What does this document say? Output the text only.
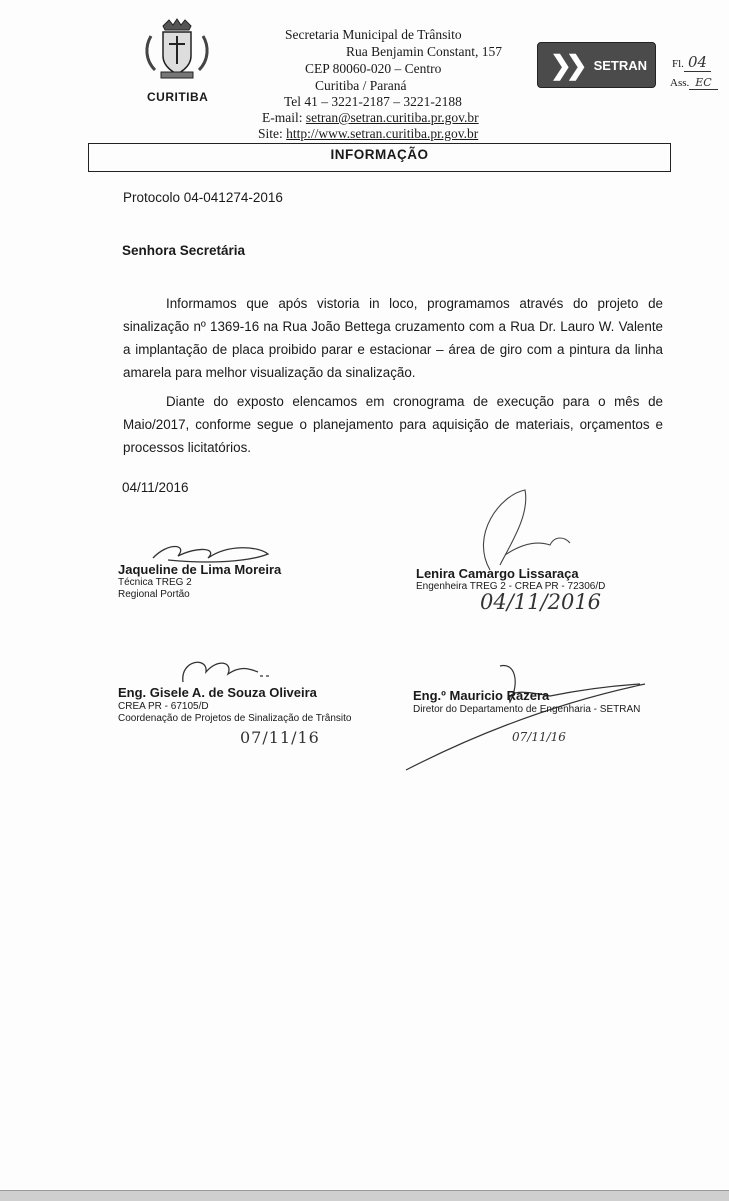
CURITIBA
Secretaria Municipal de Trânsito
Rua Benjamin Constant, 157
CEP 80060-020 – Centro
Curitiba / Paraná
Tel 41 – 3221-2187 – 3221-2188
E-mail: setran@setran.curitiba.pr.gov.br
Site: http://www.setran.curitiba.pr.gov.br
❯❯ SETRAN Fl. 04
Ass. EC
INFORMAÇÃO
Protocolo 04-041274-2016
Senhora Secretária
Informamos que após vistoria in loco, programamos através do projeto de sinalização nº 1369-16 na Rua João Bettega cruzamento com a Rua Dr. Lauro W. Valente a implantação de placa proibido parar e estacionar – área de giro com a pintura da linha amarela para melhor visualização da sinalização.
Diante do exposto elencamos em cronograma de execução para o mês de Maio/2017, conforme segue o planejamento para aquisição de materiais, orçamentos e processos licitatórios.
04/11/2016
Jaqueline de Lima Moreira
Técnica TREG 2
Regional Portão
Lenira Camargo Lissaraça
Engenheira TREG 2 - CREA PR - 72306/D
04/11/2016
Eng. Gisele A. de Souza Oliveira
CREA PR - 67105/D
Coordenação de Projetos de Sinalização de Trânsito
07/11/16
Eng.º Mauricio Razera
Diretor do Departamento de Engenharia - SETRAN
07/11/16
